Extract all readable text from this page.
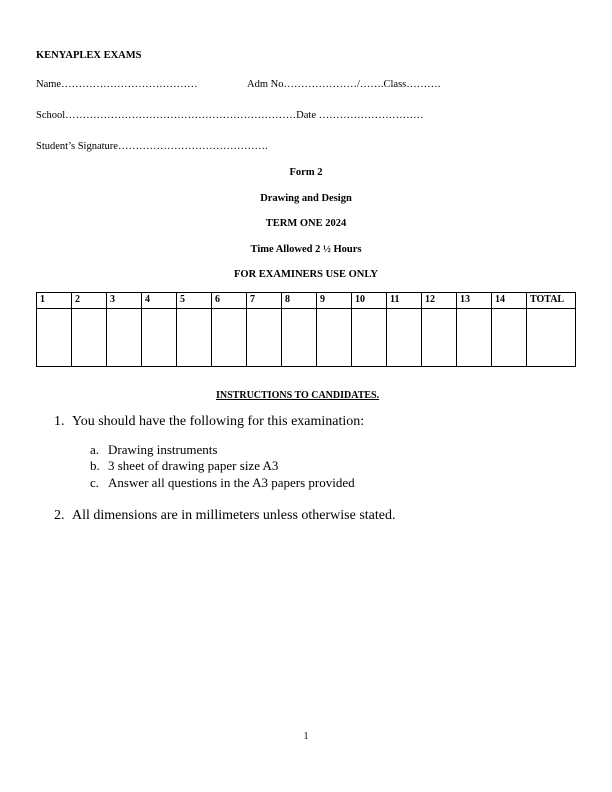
KENYAPLEX EXAMS
Name…………………………………	Adm No…………………/…….Class……….
School…………………………………………………………Date …………………………
Student’s Signature…………………………………….
Form 2
Drawing and Design
TERM ONE 2024
Time Allowed 2 ½ Hours
FOR EXAMINERS USE ONLY
1	2	3	4	5	6	7	8	9	10	11	12	13	14	TOTAL

INSTRUCTIONS TO CANDIDATES.
1. You should have the following for this examination:
a. Drawing instruments
b. 3 sheet of drawing paper size A3
c. Answer all questions in the A3 papers provided
2. All dimensions are in millimeters unless otherwise stated.
1
